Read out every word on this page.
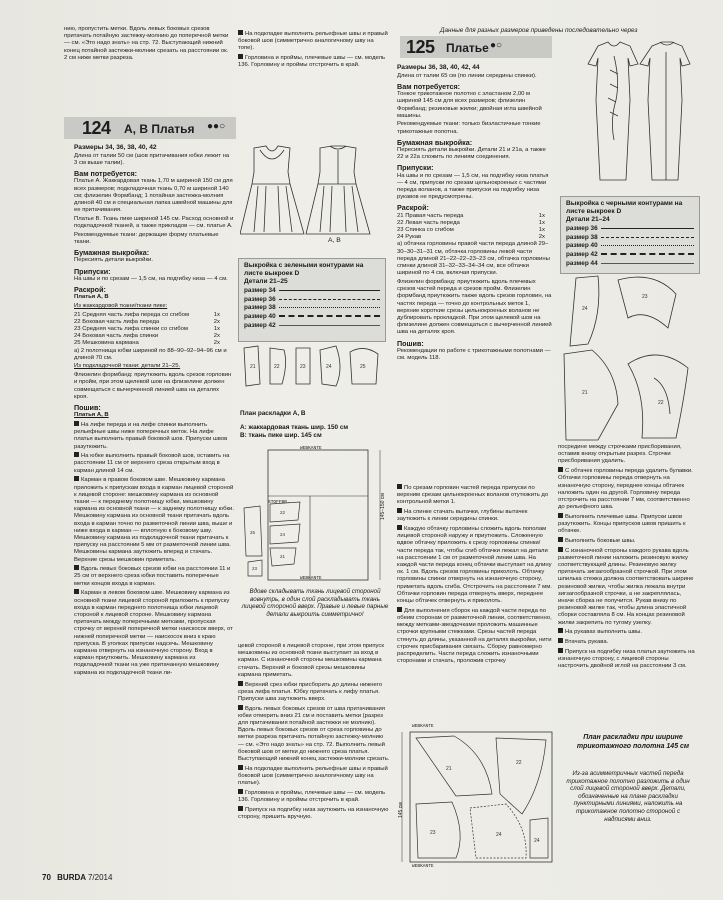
Данные для разных размеров приведены последовательно через

нию, пропустить метки. Вдоль левых боковых срезов притачать потайную застежку-молнию до поперечной метки — см. «Это надо знать» на стр. 72. Выступающий нижний конец потайной застежки-молнии срезать на расстоянии ок. 2 см ниже метки разреза.

На подкладке выполнить рельефные швы и правый боковой шов (симметрично аналогичному шву на топе).

Горловина и проймы, плечевые швы — см. модель 136. Горловину и проймы отстрочить в край.

124 А, В Платья ●●○

Размеры 34, 36, 38, 40, 42

Длина от талии 50 см (шов притачивания юбки лежит на 3 см выше талии).

Вам потребуется:

Платье А. Жаккардовая ткань 1,70 м шириной 150 см для всех размеров; подкладочная ткань 0,70 м шириной 140 см; флизелин Формбанд; 1 потайная застежка-молния длиной 40 см и специальная лапка швейной машины для ее притачивания.

Платье В. Ткань пике шириной 145 см. Расход основной и подкладочной тканей, а также прикладов — см. платье А.

Рекомендуемые ткани: держащие форму платьевые ткани.

Бумажная выкройка:

Пересиять детали выкройки.

Припуски:

На швы и по срезам — 1,5 см, на подгибку низа — 4 см.

Раскрой:

Платья А, В

Из жаккардовой ткани/ткани пике:

21 Средняя часть лифа переда со сгибом	1х
22 Боковая часть лифа переда	2х
23 Средняя часть лифа спинки со сгибом	1х
24 Боковая часть лифа спинки	2х
25 Мешковина кармана	2х

а) 2 полотнища юбки шириной по 88–90–92–94–96 см и длиной 70 см.

Из подкладочной ткани: детали 21–25.

Флизелин формбанд: приутюжить вдоль срезов горловин и пройм, при этом щелевой шов на флизелине должен совмещаться с вычерченной линией шва на деталях кроя.

Пошив:

Платья А, В

На лифе переда и на лифе спинки выполнить рельефные швы ниже поперечных меток. На лифе платья выполнить правый боковой шов. Припуски швов разутюжить.

На юбке выполнить правый боковой шов, оставить на расстоянии 11 см от верхнего среза открытым вход в карман длиной 14 см.

Карман в правом боковом шве. Мешковину кармана приложить к припускам входа в карман лицевой стороной к лицевой стороне: мешковину кармана из основной ткани — к переднему полотнищу юбки, мешковину кармана из основной ткани — к заднему полотнищу юбки. Мешковину кармана из основной ткани притачать вдоль входа в карман точно по разметочной линии шва, выше и ниже входа в карман — вплотную к боковому шву. Мешковину кармана из подкладочной ткани притачать к припуску на расстоянии 5 мм от разметочной линии шва. Мешковины кармана заутюжить вперед и стачать. Верхние срезы мешковин приметать.

Вдоль левых боковых срезов юбки на расстоянии 11 и 25 см от верхнего среза юбки поставить поперечные метки концов входа в карман.

Карман в левом боковом шве. Мешковину кармана из основной ткани лицевой стороной приложить к припуску входа в карман переднего полотнища юбки лицевой стороной к лицевой стороне. Мешковину кармана притачать между поперечными метками, пропуская строчку от верхней поперечной метки наискосок вверх, от нижней поперечной метки — наискосок вниз к краю припуска. В уголках припуски надсечь. Мешковину кармана отвернуть на изнаночную сторону. Вход в карман приутюжить. Мешковину кармана из подкладочной ткани на уже притачанную мешковину кармана из подкладочной ткани ли-

А, В
Выкройка с зелеными контурами на листе выкроек D
Детали 21–25
размер 34
размер 36
размер 38
размер 40
размер 42
21	22	23	24	25
План раскладки А, В
А: жаккардовая ткань шир. 150 см
В: ткань пике шир. 145 см
22
24
21
25
23
WEBKANTE
WEBKANTE
STOFFBR.	145–150 см
Вдове складывать ткань лицевой стороной вовнутрь, в один слой раскладывать ткань лицевой стороной вверх. Правые и левые парные детали выкроить симметрично!

цевой стороной к лицевой стороне, при этом припуск мешковины из основной ткани выступает за вход в карман. С изнаночной стороны мешковины кармана стачать. Верхний и боковой срезы мешковины кармана приметать.

Верхний срез юбки присборить до длины нижнего среза лифа платья. Юбку притачать к лифу платья. Припуски шва заутюжить вверх.

Вдоль левых боковых срезов от шва притачивания юбки отмерить вниз 21 см и поставить метки (разрез для притачивания потайной застежки не молнию). Вдоль левых боковых срезов от среза горловины до метки разреза притачать потайную застежку-молнию — см. «Это надо знать» на стр. 72. Выполнить левый боковой шов от метки до нижнего среза платья. Выступающий нижний конец застежки-молнии срезать.

На подкладке выполнить рельефные швы и правый боковой шов (симметрично аналогичному шву на платье).

Горловина и проймы, плечевые швы — см. модель 136. Горловину и проймы отстрочить в край.

Припуск на подгибку низа заутюжить на изнаночную сторону, пришить вручную.

125 Платье ●○

Размеры 36, 38, 40, 42, 44

Длина от талии 65 см (по линии середины спинки).

Вам потребуется:

Тонкое трикотажное полотно с эластаном 2,00 м шириной 145 см для всех размеров; флизелин Формбанд; резиновые жилки; двойная игла швейной машины.

Рекомендуемые ткани: только биэластичные тонкие трикотажные полотна.

Бумажная выкройка:

Пересиять детали выкройки. Детали 21 и 21а, а также 22 и 22а сложить по линиям соединения.

Припуски:

На швы и по срезам — 1,5 см, на подгибку низа платья — 4 см, припуски по срезам цельнокроеных с частями переда воланов, а также припуски на подгибку низа рукавов не предусмотрены.

Раскрой:
21 Правая часть переда	1х
22 Левая часть переда	1х
23 Спинка со сгибом	1х
24 Рукав	2х

а) обтачка горловины правой части переда длиной 29–30–30–31–31 см, обтачка горловины левой части переда длиной 21–22–22–23–23 см, обтачка горловины спинки длиной 31–32–33–34–34 см, все обтачки шириной по 4 см, включая припуски.

Флизелин формбанд: приутюжить вдоль плечевых срезов частей переда и срезов пройм. Флизелин формбанд приутюжить также вдоль срезов горловин, на частях переда — точно до контрольных меток 1, верхние короткие срезы цельнокроеных воланов не дублировать прокладкой. При этом щелевой шов на флизелине должен совмещаться с вычерченной линией шва на деталях кроя.

Пошив:

Рекомендации по работе с трикотажными полотнами — см. модель 118.

По срезам горловин частей переда припуски по верхним срезам цельнокроеных воланов отутюжить до контрольной метки 1.

На спинке стачать вытачки, глубины вытачек заутюжить к линии середины спинки.

Каждую обтачку горловины сложить вдоль пополам лицевой стороной наружу и приутюжить. Сложенную вдвое обтачку приложить к срезу горловины спинки/части переда так, чтобы сгиб обтачки лежал на детали на расстоянии 1 см от разметочной линии шва. На каждой части переда конец обтачки выступает на длину ок. 1 см. Вдоль срезов горловины приколоть. Обтачку горловины спинки отвернуть на изнаночную сторону, приметать вдоль сгиба. Отстрочить на расстоянии 7 мм. Обтачки горловин переда отвернуть вверх, переднее концы обтачек отвернуть и приколоть.

Для выполнения сборок на каждой части переда по обеим сторонам от разметочной линии, соответственно, между метками-звездочками проложить машинные строчки крупными стежками. Срезы частей переда стянуть до длины, указанной на деталях выкройки, нити строчек присбаривания связать. Сборку равномерно распределить. Части переда сложить изнаночными сторонами и стачать, проложив строчку

Выкройка с черными контурами на листе выкроек D
Детали 21–24
размер 36
размер 38
размер 40
размер 42
размер 44
24
23
21
22

посредине между строчками присборивания, оставив внизу открытым разрез. Строчки присборивания удалить.

С обтачек горловины переда удалить булавки. Обтачки горловины переда отвернуть на изнаночную сторону, переднее концы обтачек наложить один на другой. Горловину переда отстрочить на расстоянии 7 мм, соответственно до рельефного шва.

Выполнить плечевые швы. Припуски швов разутюжить. Концы припусков швов пришить к обтачке.

Выполнить боковые швы.

С изнаночной стороны каждого рукава вдоль разметочной линии наложить резиновую жилку соответствующей длины. Резиновую жилку притачать зигзагообразной строчкой. При этом шпилька стежка должна соответствовать ширине резиновой жилки, чтобы жилка лежала внутри зигзагообразной строчки, а не закреплялась, иначе сборка не получится. Рукав внизу по резиновой жилке так, чтобы длина эластичной сборки составляла 8 см. На концах резиновой жилки закрепить по тугому узелку.

На рукавах выполнить швы.

Втачать рукава.

Припуск на подгибку низа платья заутюжить на изнаночную сторону, с лицевой стороны настрочить двойной иглой на расстоянии 3 см.

21
22
23	24
24
WEBKANTE
WEBKANTE
145 см
План раскладки при ширине трикотажного полотна 145 см
Из-за асимметричных частей переда трикотажное полотно разложить в один слой лицевой стороной вверх. Детали, обозначенные на плане раскладки пунктирными линиями, наложить на трикотажное полотно стороной с надписями вниз.
70 BURDA 7/2014
